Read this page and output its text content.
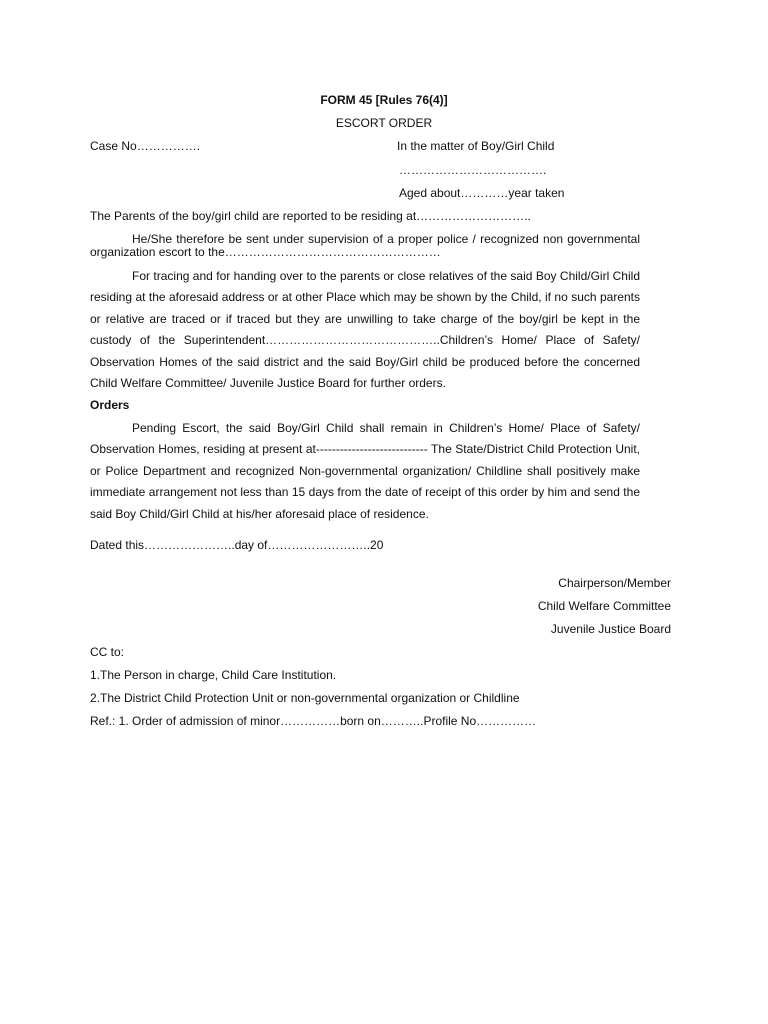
FORM 45 [Rules 76(4)]
ESCORT ORDER
Case No…………….	In the matter of Boy/Girl Child
……………………………….
Aged about…………year taken
The Parents of the boy/girl child are reported to be residing at………………………..
He/She therefore be sent under supervision of a proper police / recognized non governmental organization escort to the………………………………………………
For tracing and for handing over to the parents or close relatives of the said Boy Child/Girl Child residing at the aforesaid address or at other Place which may be shown by the Child, if no such parents or relative are traced or if traced but they are unwilling to take charge of the boy/girl be kept in the custody of the Superintendent……………………………………..Children’s Home/ Place of Safety/ Observation Homes of the said district and the said Boy/Girl child be produced before the concerned Child Welfare Committee/ Juvenile Justice Board for further orders.
Orders
Pending Escort, the said Boy/Girl Child shall remain in Children’s Home/ Place of Safety/ Observation Homes, residing at present at---------------------------- The State/District Child Protection Unit, or Police Department and recognized Non-governmental organization/ Childline shall positively make immediate arrangement not less than 15 days from the date of receipt of this order by him and send the said Boy Child/Girl Child at his/her aforesaid place of residence.
Dated this…………………..day of……………………..20
Chairperson/Member
Child Welfare Committee
Juvenile Justice Board
CC to:
1.The Person in charge, Child Care Institution.
2.The District Child Protection Unit or non-governmental organization or Childline
Ref.: 1. Order of admission of minor……………born on………..Profile No……………
